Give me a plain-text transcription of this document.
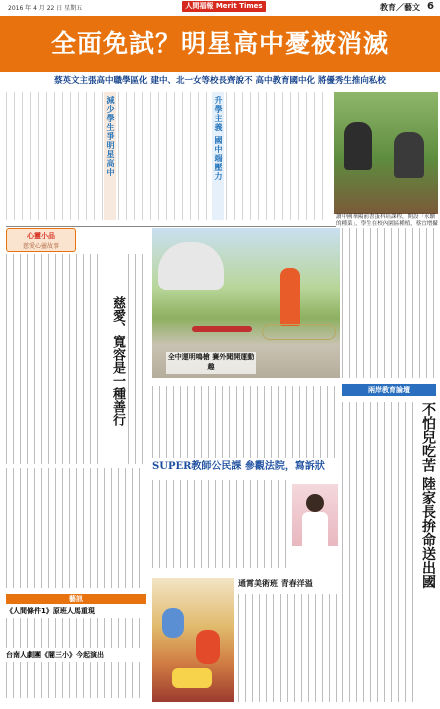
2016 年 4 月 22 日 星期五	人間福報 Merit Times	教育／藝文 6
全面免試？明星高中憂被消滅
蔡英文主張高中職學區化 建中、北一女等校長齊說不 高中教育國中化 將優秀生推向私校
減少學生爭明星高中	升學主義 國中端壓力
讀中國華陽前書蛋科培課程，開設「永續的種菜」，學生在校內園區種植，蔡宜增攝
心靈小品
慈愛心靈故事
慈愛、寬容是一種善行	全中運明鳴槍 賽外聞開運動趣
SUPER教師公民課 參觀法院，寫訴狀
兩岸教育論壇
不怕兒吃苦 陸家長拚命送出國
藝訊
《人間條件1》原班人馬重現
台南人劇團《闇三小》今起演出
通霄美術班 青春洋溢
